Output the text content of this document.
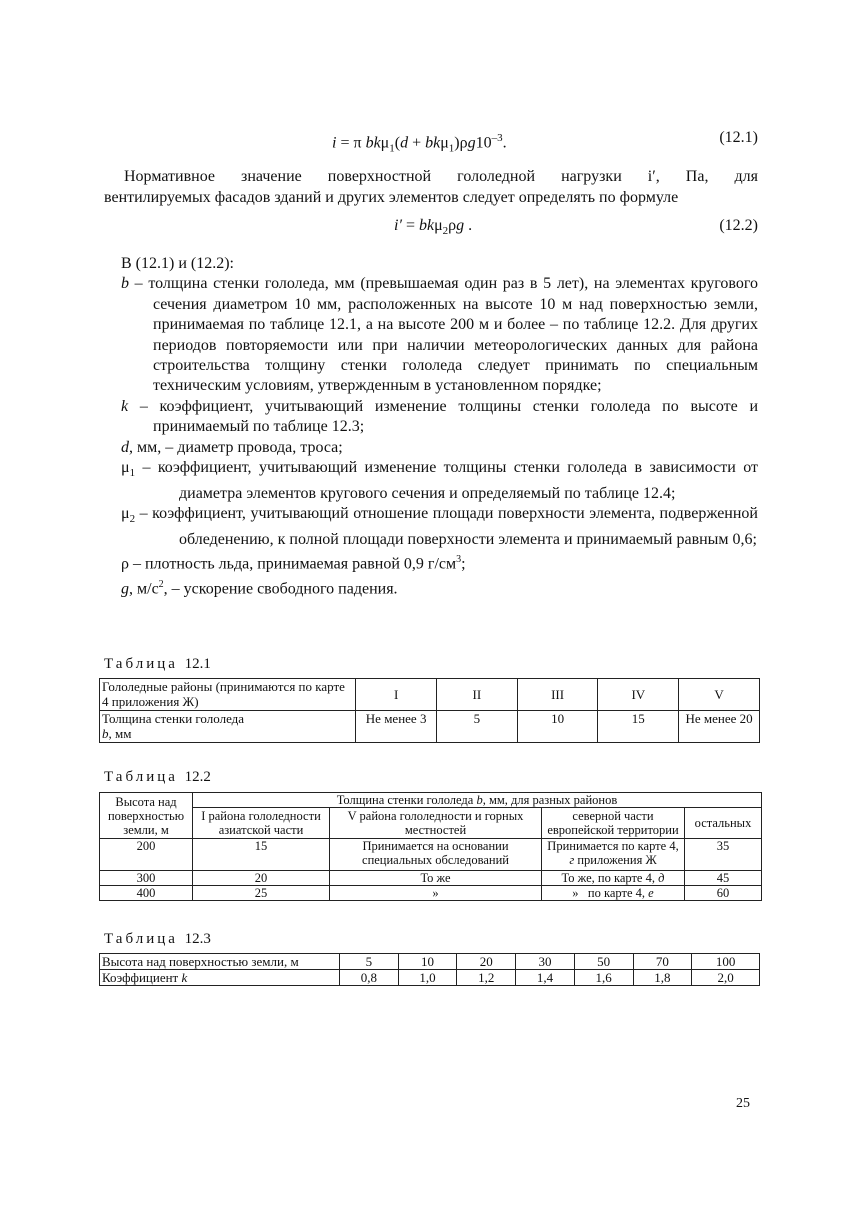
i = π $bk\mu_1(d + bk\mu_1)\rho g10^{-3}$.	(12.1)
Нормативное значение поверхностной гололедной нагрузки i′, Па, для
вентилируемых фасадов зданий и других элементов следует определять по формуле
i′ = bkμ$_2$ρg .	(12.2)
В (12.1) и (12.2):
b – толщина стенки гололеда, мм (превышаемая один раз в 5 лет), на элементах кругового сечения диаметром 10 мм, расположенных на высоте 10 м над поверхностью земли, принимаемая по таблице 12.1, а на высоте 200 м и более – по таблице 12.2. Для других периодов повторяемости или при наличии метеорологических данных для района строительства толщину стенки гололеда следует принимать по специальным техническим условиям, утвержденным в установленном порядке;
k – коэффициент, учитывающий изменение толщины стенки гололеда по высоте и принимаемый по таблице 12.3;
d, мм, – диаметр провода, троса;
$\mu_1$ – коэффициент, учитывающий изменение толщины стенки гололеда в зависимости от диаметра элементов кругового сечения и определяемый по таблице 12.4;
$\mu_2$ – коэффициент, учитывающий отношение площади поверхности элемента, подверженной обледенению, к полной площади поверхности элемента и принимаемый равным 0,6;
ρ – плотность льда, принимаемая равной 0,9 $г/см^3$;
g, $м/с^2$, – ускорение свободного падения.
Таблица 12.1
Гололедные районы (принимаются по карте 4 приложения Ж)	I	II	III	IV	V
Толщина стенки гололеда
b, мм	Не менее 3	5	10	15	Не менее 20
Таблица 12.2
Высота над поверхностью земли, м	Толщина стенки гололеда b, мм, для разных районов			
	I района гололедности азиатской части	V района гололедности и горных местностей	северной части европейской территории	остальных
200	15	Принимается на основании специальных обследований	Принимается по карте 4, г приложения Ж	35
300	20	То же	То же, по карте 4, д	45
400	25	»	»   по карте 4, е	60
Таблица 12.3
Высота над поверхностью земли, м	5	10	20	30	50	70	100
Коэффициент k	0,8	1,0	1,2	1,4	1,6	1,8	2,0
25
